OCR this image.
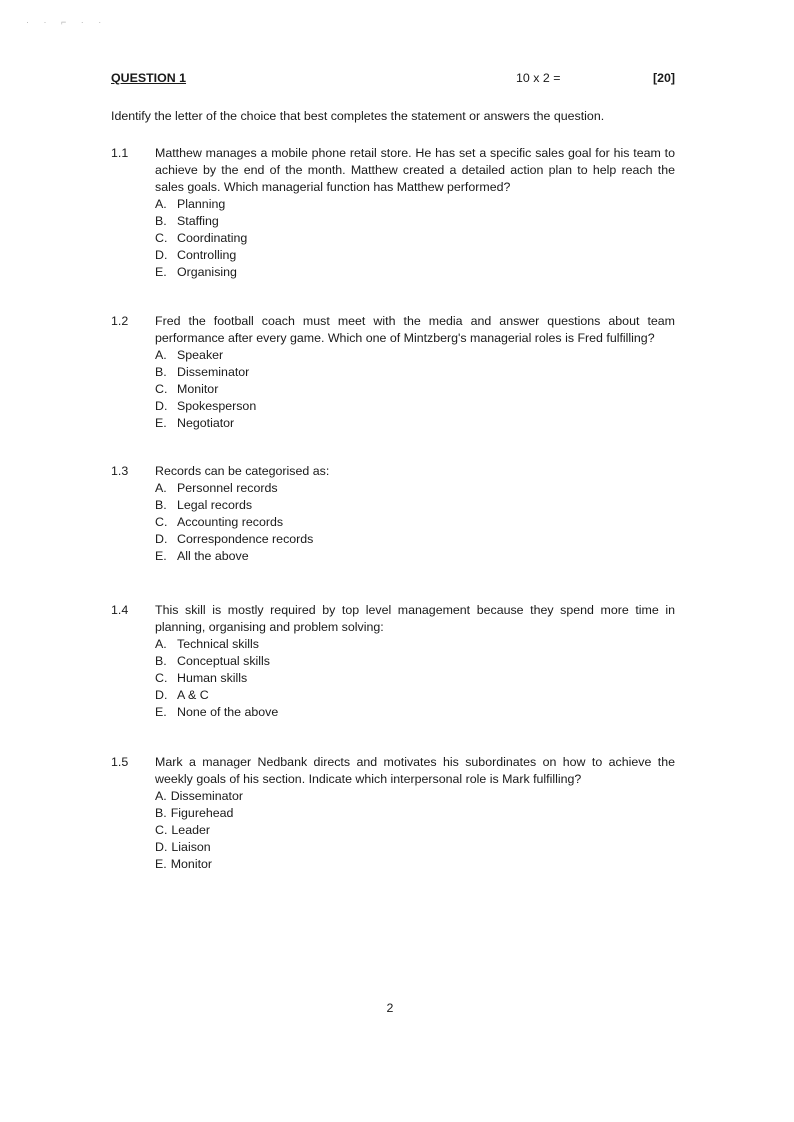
· · ⌐ · ·
QUESTION 1	10 x 2 =	[20]
Identify the letter of the choice that best completes the statement or answers the question.
1.1 Matthew manages a mobile phone retail store. He has set a specific sales goal for his team to achieve by the end of the month. Matthew created a detailed action plan to help reach the sales goals. Which managerial function has Matthew performed?
A. Planning
B. Staffing
C. Coordinating
D. Controlling
E. Organising
1.2 Fred the football coach must meet with the media and answer questions about team performance after every game. Which one of Mintzberg's managerial roles is Fred fulfilling?
A. Speaker
B. Disseminator
C. Monitor
D. Spokesperson
E. Negotiator
1.3 Records can be categorised as:
A. Personnel records
B. Legal records
C. Accounting records
D. Correspondence records
E. All the above
1.4 This skill is mostly required by top level management because they spend more time in planning, organising and problem solving:
A. Technical skills
B. Conceptual skills
C. Human skills
D. A & C
E. None of the above
1.5 Mark a manager Nedbank directs and motivates his subordinates on how to achieve the weekly goals of his section. Indicate which interpersonal role is Mark fulfilling?
A. Disseminator
B. Figurehead
C. Leader
D. Liaison
E. Monitor
2
